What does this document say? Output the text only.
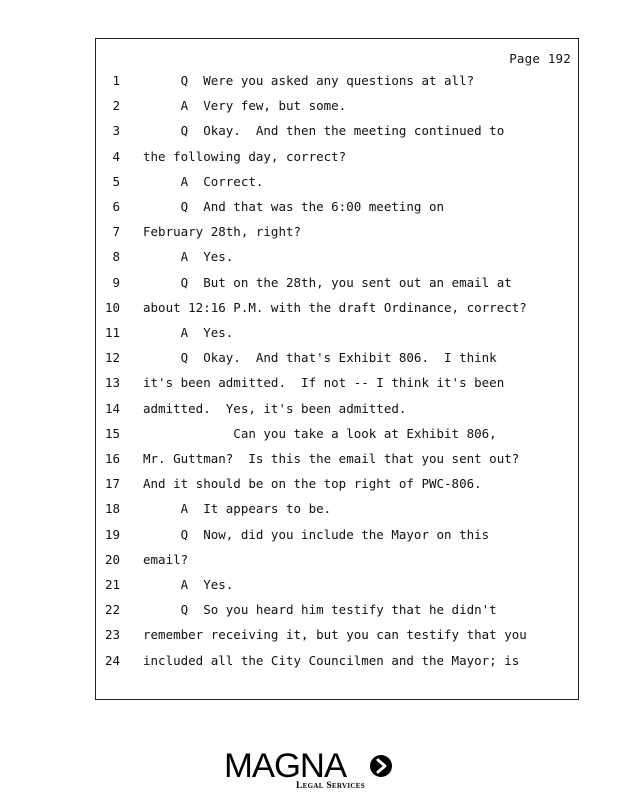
Page 192
1 Q  Were you asked any questions at all?
2 A  Very few, but some.
3 Q  Okay.  And then the meeting continued to
4 the following day, correct?
5 A  Correct.
6 Q  And that was the 6:00 meeting on
7 February 28th, right?
8 A  Yes.
9 Q  But on the 28th, you sent out an email at
10 about 12:16 P.M. with the draft Ordinance, correct?
11 A  Yes.
12 Q  Okay.  And that's Exhibit 806.  I think
13 it's been admitted.  If not -- I think it's been
14 admitted.  Yes, it's been admitted.
15 Can you take a look at Exhibit 806,
16 Mr. Guttman?  Is this the email that you sent out?
17 And it should be on the top right of PWC-806.
18 A  It appears to be.
19 Q  Now, did you include the Mayor on this
20 email?
21 A  Yes.
22 Q  So you heard him testify that he didn't
23 remember receiving it, but you can testify that you
24 included all the City Councilmen and the Mayor; is
MAGNA
Legal Services
